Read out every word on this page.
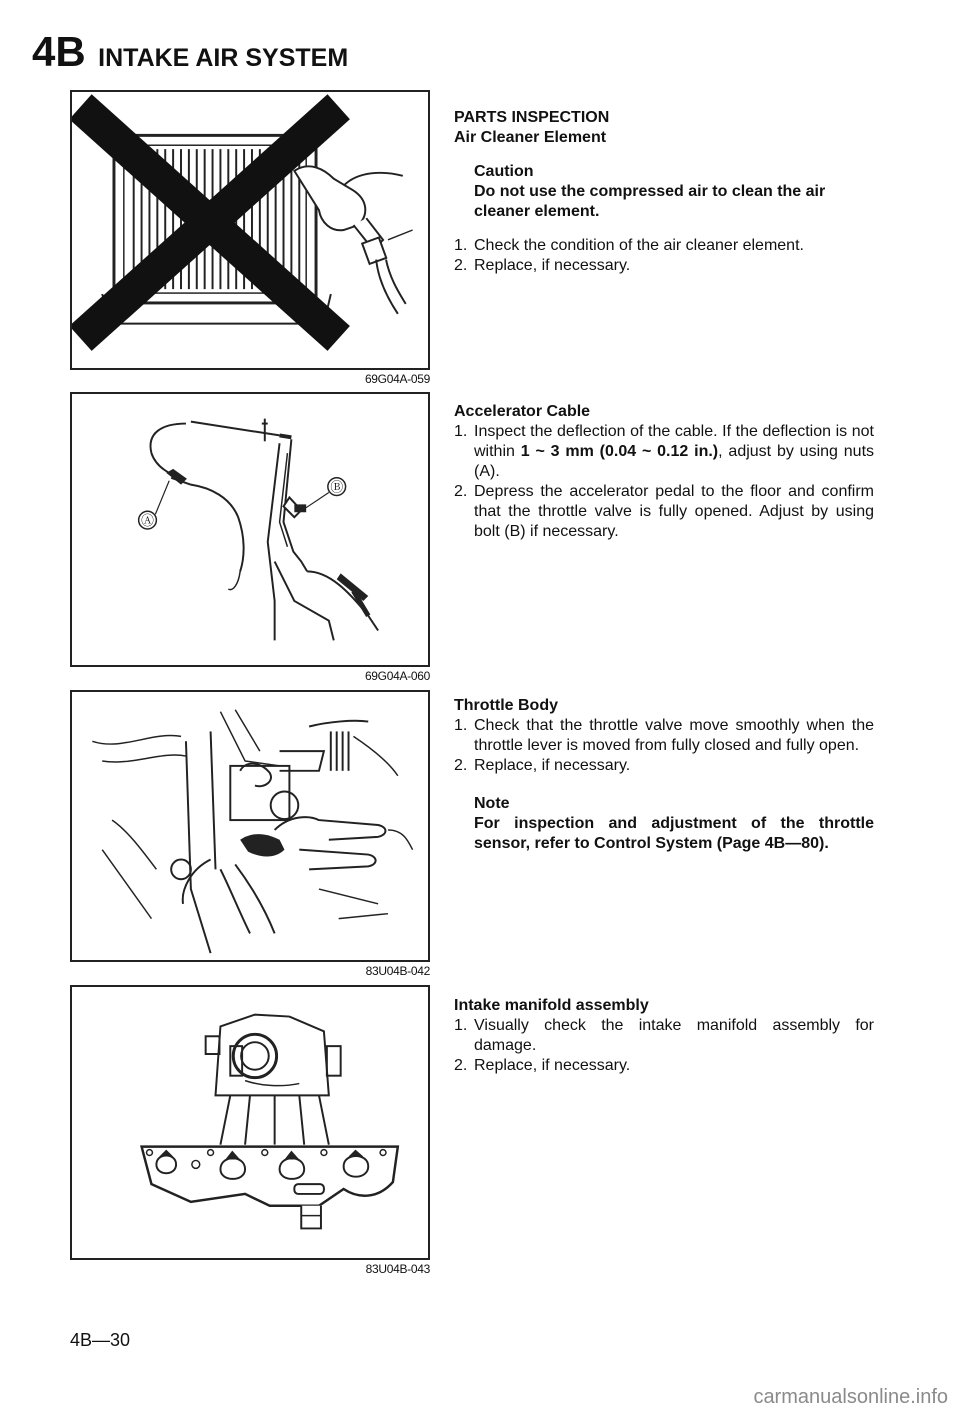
4B INTAKE AIR SYSTEM
69G04A-059
Ⓐ
Ⓑ
69G04A-060
83U04B-042
83U04B-043

PARTS INSPECTION

Air Cleaner Element

Caution

Do not use the compressed air to clean the air cleaner element.

1. Check the condition of the air cleaner element.
2. Replace, if necessary.

Accelerator Cable

1. Inspect the deflection of the cable. If the deflection is not within 1 ~ 3 mm (0.04 ~ 0.12 in.), adjust by using nuts (A).
2. Depress the accelerator pedal to the floor and confirm that the throttle valve is fully opened. Adjust by using bolt (B) if necessary.

Throttle Body

1. Check that the throttle valve move smoothly when the throttle lever is moved from fully closed and fully open.
2. Replace, if necessary.

Note

For inspection and adjustment of the throttle sensor, refer to Control System (Page 4B—80).

Intake manifold assembly

1. Visually check the intake manifold assembly for damage.
2. Replace, if necessary.
4B—30
carmanualsonline.info
